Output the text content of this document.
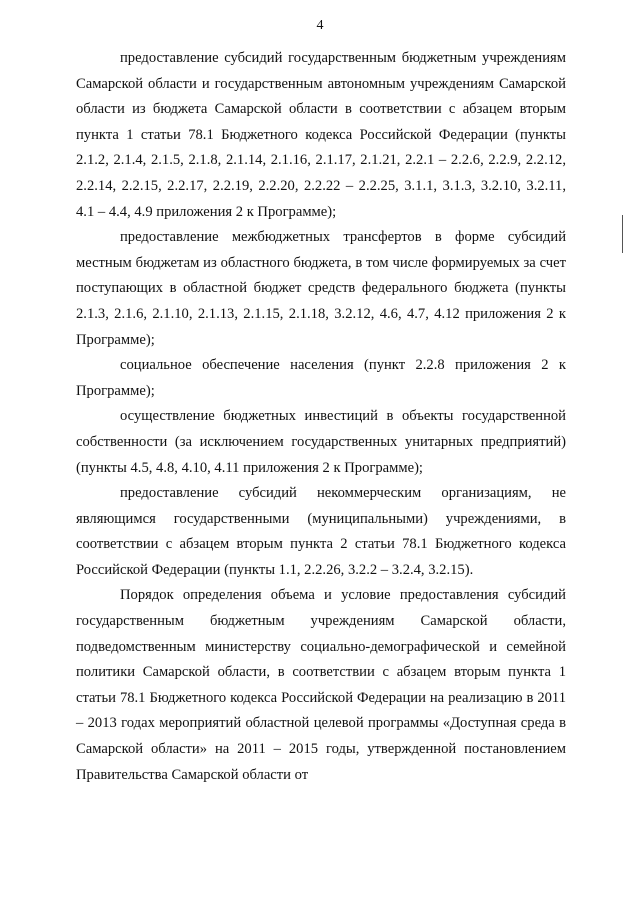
4

предоставление субсидий государственным бюджетным учреждениям Самарской области и государственным автономным учреждениям Самарской области из бюджета Самарской области в соответствии с абзацем вторым пункта 1 статьи 78.1 Бюджетного кодекса Российской Федерации (пункты 2.1.2, 2.1.4, 2.1.5, 2.1.8, 2.1.14, 2.1.16, 2.1.17, 2.1.21, 2.2.1 – 2.2.6, 2.2.9, 2.2.12, 2.2.14, 2.2.15, 2.2.17, 2.2.19, 2.2.20, 2.2.22 – 2.2.25, 3.1.1, 3.1.3, 3.2.10, 3.2.11, 4.1 – 4.4, 4.9 приложения 2 к Программе);

предоставление межбюджетных трансфертов в форме субсидий местным бюджетам из областного бюджета, в том числе формируемых за счет поступающих в областной бюджет средств федерального бюджета (пункты 2.1.3, 2.1.6, 2.1.10, 2.1.13, 2.1.15, 2.1.18, 3.2.12, 4.6, 4.7, 4.12 приложения 2 к Программе);

социальное обеспечение населения (пункт 2.2.8 приложения 2 к Программе);

осуществление бюджетных инвестиций в объекты государственной собственности (за исключением государственных унитарных предприятий) (пункты 4.5, 4.8, 4.10, 4.11 приложения 2 к Программе);

предоставление субсидий некоммерческим организациям, не являющимся государственными (муниципальными) учреждениями, в соответствии с абзацем вторым пункта 2 статьи 78.1 Бюджетного кодекса Российской Федерации (пункты 1.1, 2.2.26, 3.2.2 – 3.2.4, 3.2.15).

Порядок определения объема и условие предоставления субсидий государственным бюджетным учреждениям Самарской области, подведомственным министерству социально-демографической и семейной политики Самарской области, в соответствии с абзацем вторым пункта 1 статьи 78.1 Бюджетного кодекса Российской Федерации на реализацию в 2011 – 2013 годах мероприятий областной целевой программы «Доступная среда в Самарской области» на 2011 – 2015 годы, утвержденной постановлением Правительства Самарской области от
